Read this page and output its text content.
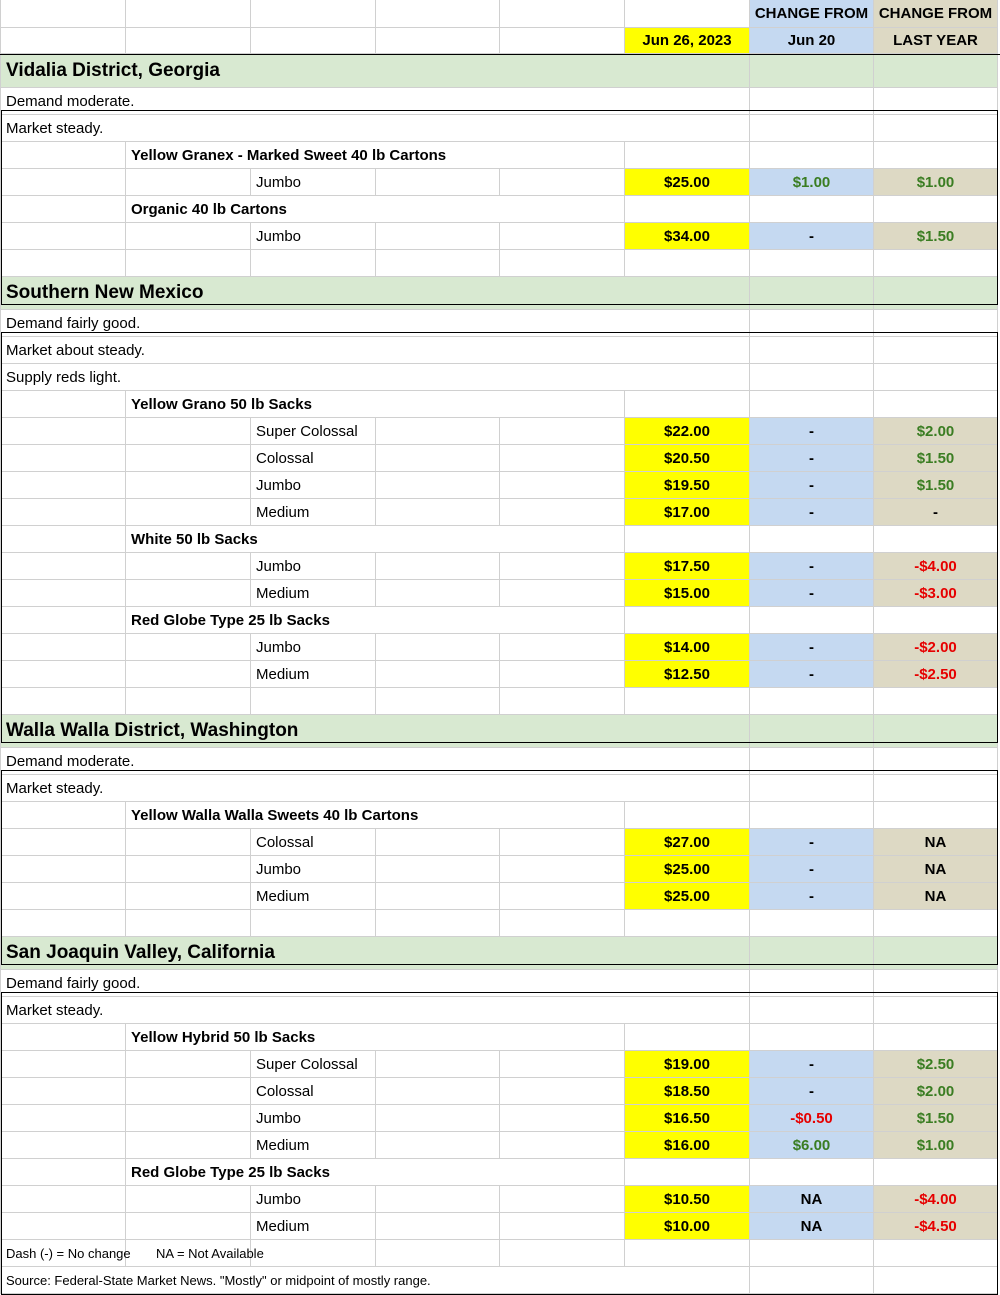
CHANGE FROM CHANGE FROM
Jun 26, 2023	Jun 20	LAST YEAR
Vidalia District, Georgia
Demand moderate.
Market steady.
Yellow Granex - Marked Sweet 40 lb Cartons
Jumbo	$25.00	$1.00	$1.00
Organic 40 lb Cartons
Jumbo	$34.00	-	$1.50
Southern New Mexico
Demand fairly good.
Market about steady.
Supply reds light.
Yellow Grano 50 lb Sacks
Super Colossal	$22.00	-	$2.00
Colossal	$20.50	-	$1.50
Jumbo	$19.50	-	$1.50
Medium	$17.00	-	-
White 50 lb Sacks
Jumbo	$17.50	-	-$4.00
Medium	$15.00	-	-$3.00
Red Globe Type 25 lb Sacks
Jumbo	$14.00	-	-$2.00
Medium	$12.50	-	-$2.50
Walla Walla District, Washington
Demand moderate.
Market steady.
Yellow Walla Walla Sweets 40 lb Cartons
Colossal	$27.00	-	NA
Jumbo	$25.00	-	NA
Medium	$25.00	-	NA
San Joaquin Valley, California
Demand fairly good.
Market steady.
Yellow Hybrid 50 lb Sacks
Super Colossal	$19.00	-	$2.50
Colossal	$18.50	-	$2.00
Jumbo	$16.50	-$0.50	$1.50
Medium	$16.00	$6.00	$1.00
Red Globe Type 25 lb Sacks
Jumbo	$10.50	NA	-$4.00
Medium	$10.00	NA	-$4.50
Dash (-) = No change	NA = Not Available
Source: Federal-State Market News. "Mostly" or midpoint of mostly range.
